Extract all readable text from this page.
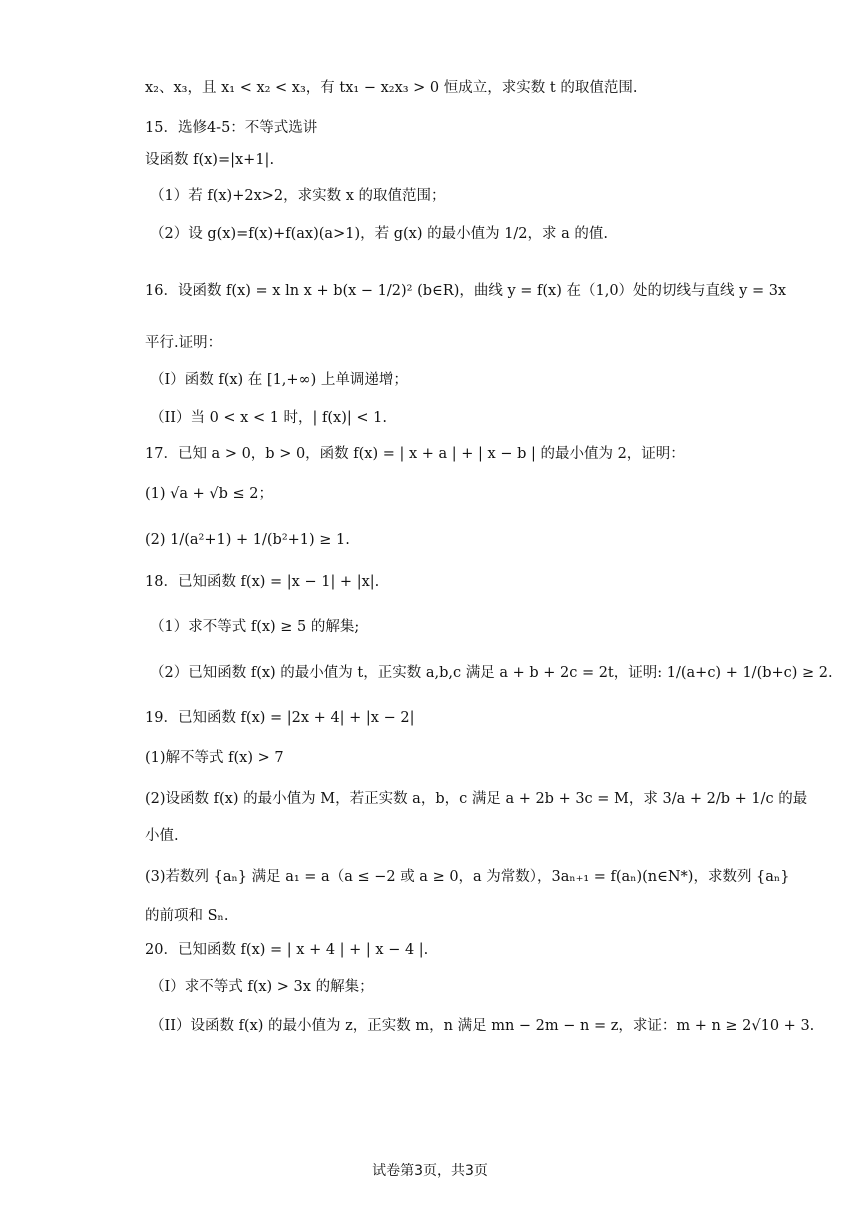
x₂、x₃，且 x₁ < x₂ < x₃，有 tx₁ − x₂x₃ > 0 恒成立，求实数 t 的取值范围.
15．选修4-5：不等式选讲
设函数 f(x)=|x+1|.
（1）若 f(x)+2x>2，求实数 x 的取值范围；
（2）设 g(x)=f(x)+f(ax)(a>1)，若 g(x) 的最小值为 1/2，求 a 的值.
16．设函数 f(x) = x ln x + b(x − 1/2)² (b∈R)，曲线 y = f(x) 在（1,0）处的切线与直线 y = 3x
平行.证明：
（I）函数 f(x) 在 [1,+∞) 上单调递增；
（II）当 0 < x < 1 时，| f(x)| < 1.
17．已知 a > 0，b > 0，函数 f(x) = | x + a | + | x − b | 的最小值为 2，证明：
(1) √a + √b ≤ 2；
(2) 1/(a²+1) + 1/(b²+1) ≥ 1.
18．已知函数 f(x) = |x − 1| + |x|.
（1）求不等式 f(x) ≥ 5 的解集;
（2）已知函数 f(x) 的最小值为 t，正实数 a,b,c 满足 a + b + 2c = 2t，证明: 1/(a+c) + 1/(b+c) ≥ 2.
19．已知函数 f(x) = |2x + 4| + |x − 2|
(1)解不等式 f(x) > 7
(2)设函数 f(x) 的最小值为 M，若正实数 a，b，c 满足 a + 2b + 3c = M，求 3/a + 2/b + 1/c 的最
小值.
(3)若数列 {aₙ} 满足 a₁ = a（a ≤ −2 或 a ≥ 0，a 为常数），3aₙ₊₁ = f(aₙ)(n∈N*)，求数列 {aₙ}
的前项和 Sₙ.
20．已知函数 f(x) = | x + 4 | + | x − 4 |.
（I）求不等式 f(x) > 3x 的解集；
（II）设函数 f(x) 的最小值为 z，正实数 m，n 满足 mn − 2m − n = z，求证：m + n ≥ 2√10 + 3.
试卷第3页，共3页
